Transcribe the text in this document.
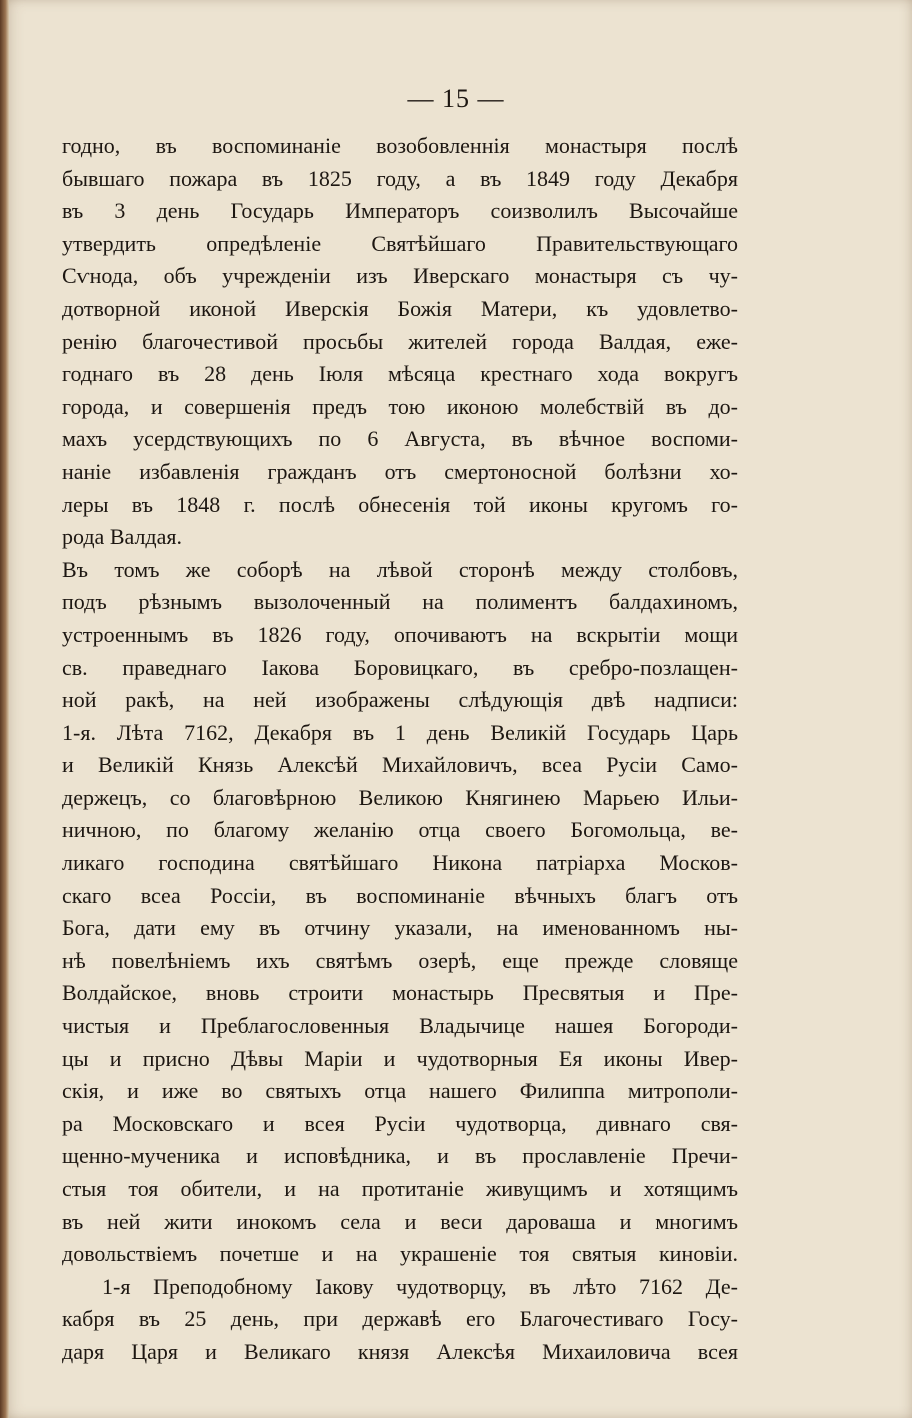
— 15 —
годно, въ воспоминаніе возобовленнія монастыря послѣ
бывшаго пожара въ 1825 году, а въ 1849 году Декабря
въ 3 день Государь Императоръ соизволилъ Высочайше
утвердить опредѣленіе Святѣйшаго Правительствующаго
Сѵнода, объ учрежденіи изъ Иверскаго монастыря съ чу-
дотворной иконой Иверскія Божія Матери, къ удовлетво-
ренію благочестивой просьбы жителей города Валдая, еже-
годнаго въ 28 день Іюля мѣсяца крестнаго хода вокругъ
города, и совершенія предъ тою иконою молебствій въ до-
махъ усердствующихъ по 6 Августа, въ вѣчное воспоми-
наніе избавленія гражданъ отъ смертоносной болѣзни хо-
леры въ 1848 г. послѣ обнесенія той иконы кругомъ го-
рода Валдая.
Въ томъ же соборѣ на лѣвой сторонѣ между столбовъ,
подъ рѣзнымъ вызолоченный на полиментъ балдахиномъ,
устроеннымъ въ 1826 году, опочиваютъ на вскрытіи мощи
св. праведнаго Іакова Боровицкаго, въ сребро-позлащен-
ной ракѣ, на ней изображены слѣдующія двѣ надписи:
1-я. Лѣта 7162, Декабря въ 1 день Великій Государь Царь
и Великій Князь Алексѣй Михайловичъ, всеа Русіи Само-
держецъ, со благовѣрною Великою Княгинею Марьею Ильи-
ничною, по благому желанію отца своего Богомольца, ве-
ликаго господина святѣйшаго Никона патріарха Москов-
скаго всеа Россіи, въ воспоминаніе вѣчныхъ благъ отъ
Бога, дати ему въ отчину указали, на именованномъ ны-
нѣ повелѣніемъ ихъ святѣмъ озерѣ, еще прежде словяще
Волдайское, вновь строити монастырь Пресвятыя и Пре-
чистыя и Преблагословенныя Владычице нашея Богороди-
цы и присно Дѣвы Маріи и чудотворныя Ея иконы Ивер-
скія, и иже во святыхъ отца нашего Филиппа митрополи-
ра Московскаго и всея Русіи чудотворца, дивнаго свя-
щенно-мученика и исповѣдника, и въ прославленіе Пречи-
стыя тоя обители, и на протитаніе живущимъ и хотящимъ
въ ней жити инокомъ села и веси дароваша и многимъ
довольствіемъ почетше и на украшеніе тоя святыя киновіи.
1-я Преподобному Іакову чудотворцу, въ лѣто 7162 Де-
кабря въ 25 день, при державѣ его Благочестиваго Госу-
даря Царя и Великаго князя Алексѣя Михаиловича всея
